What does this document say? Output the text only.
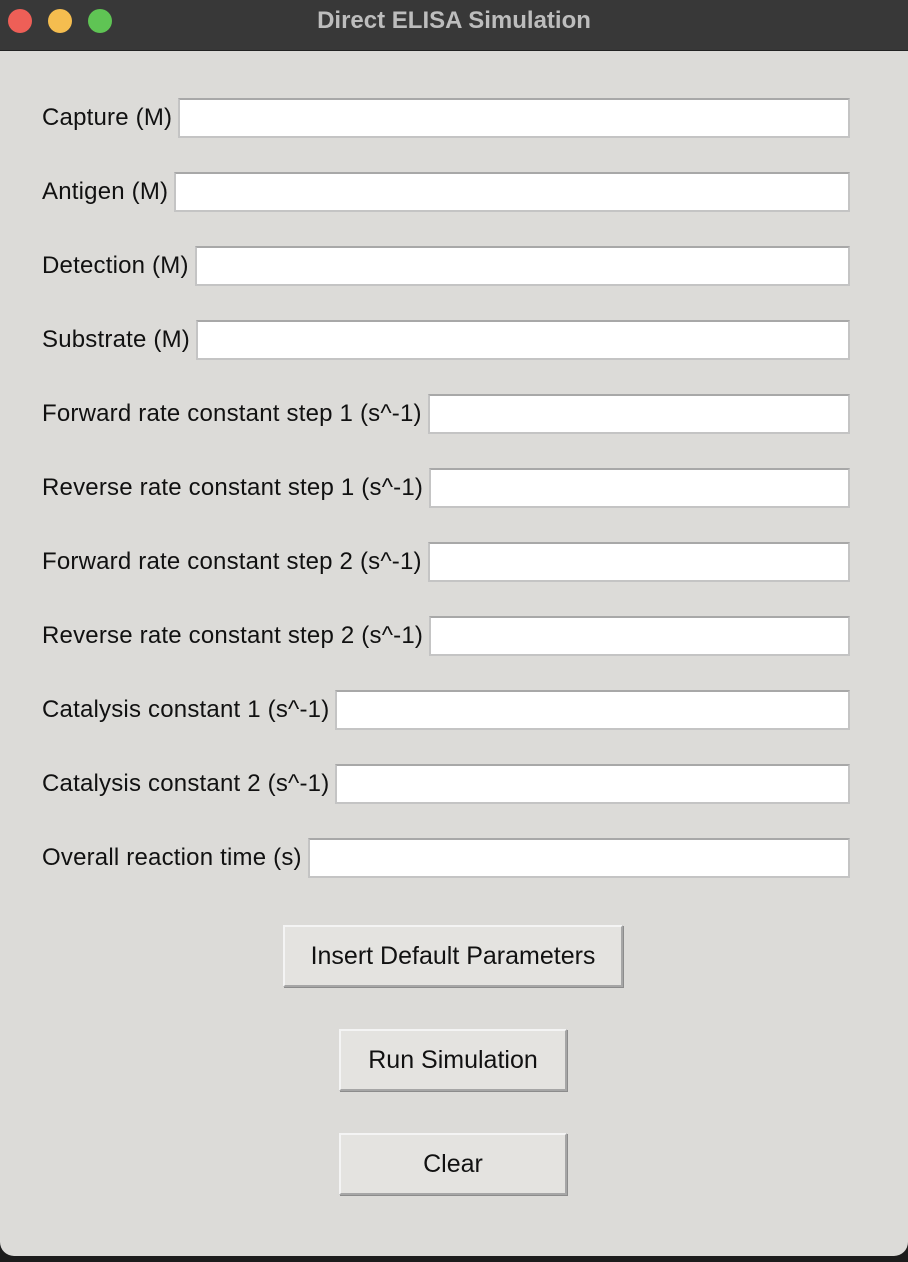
Direct ELISA Simulation
Capture (M)
Antigen (M)
Detection (M)
Substrate (M)
Forward rate constant step 1 (s^-1)
Reverse rate constant step 1 (s^-1)
Forward rate constant step 2 (s^-1)
Reverse rate constant step 2 (s^-1)
Catalysis constant 1 (s^-1)
Catalysis constant 2 (s^-1)
Overall reaction time (s)
Insert Default Parameters
Run Simulation
Clear
